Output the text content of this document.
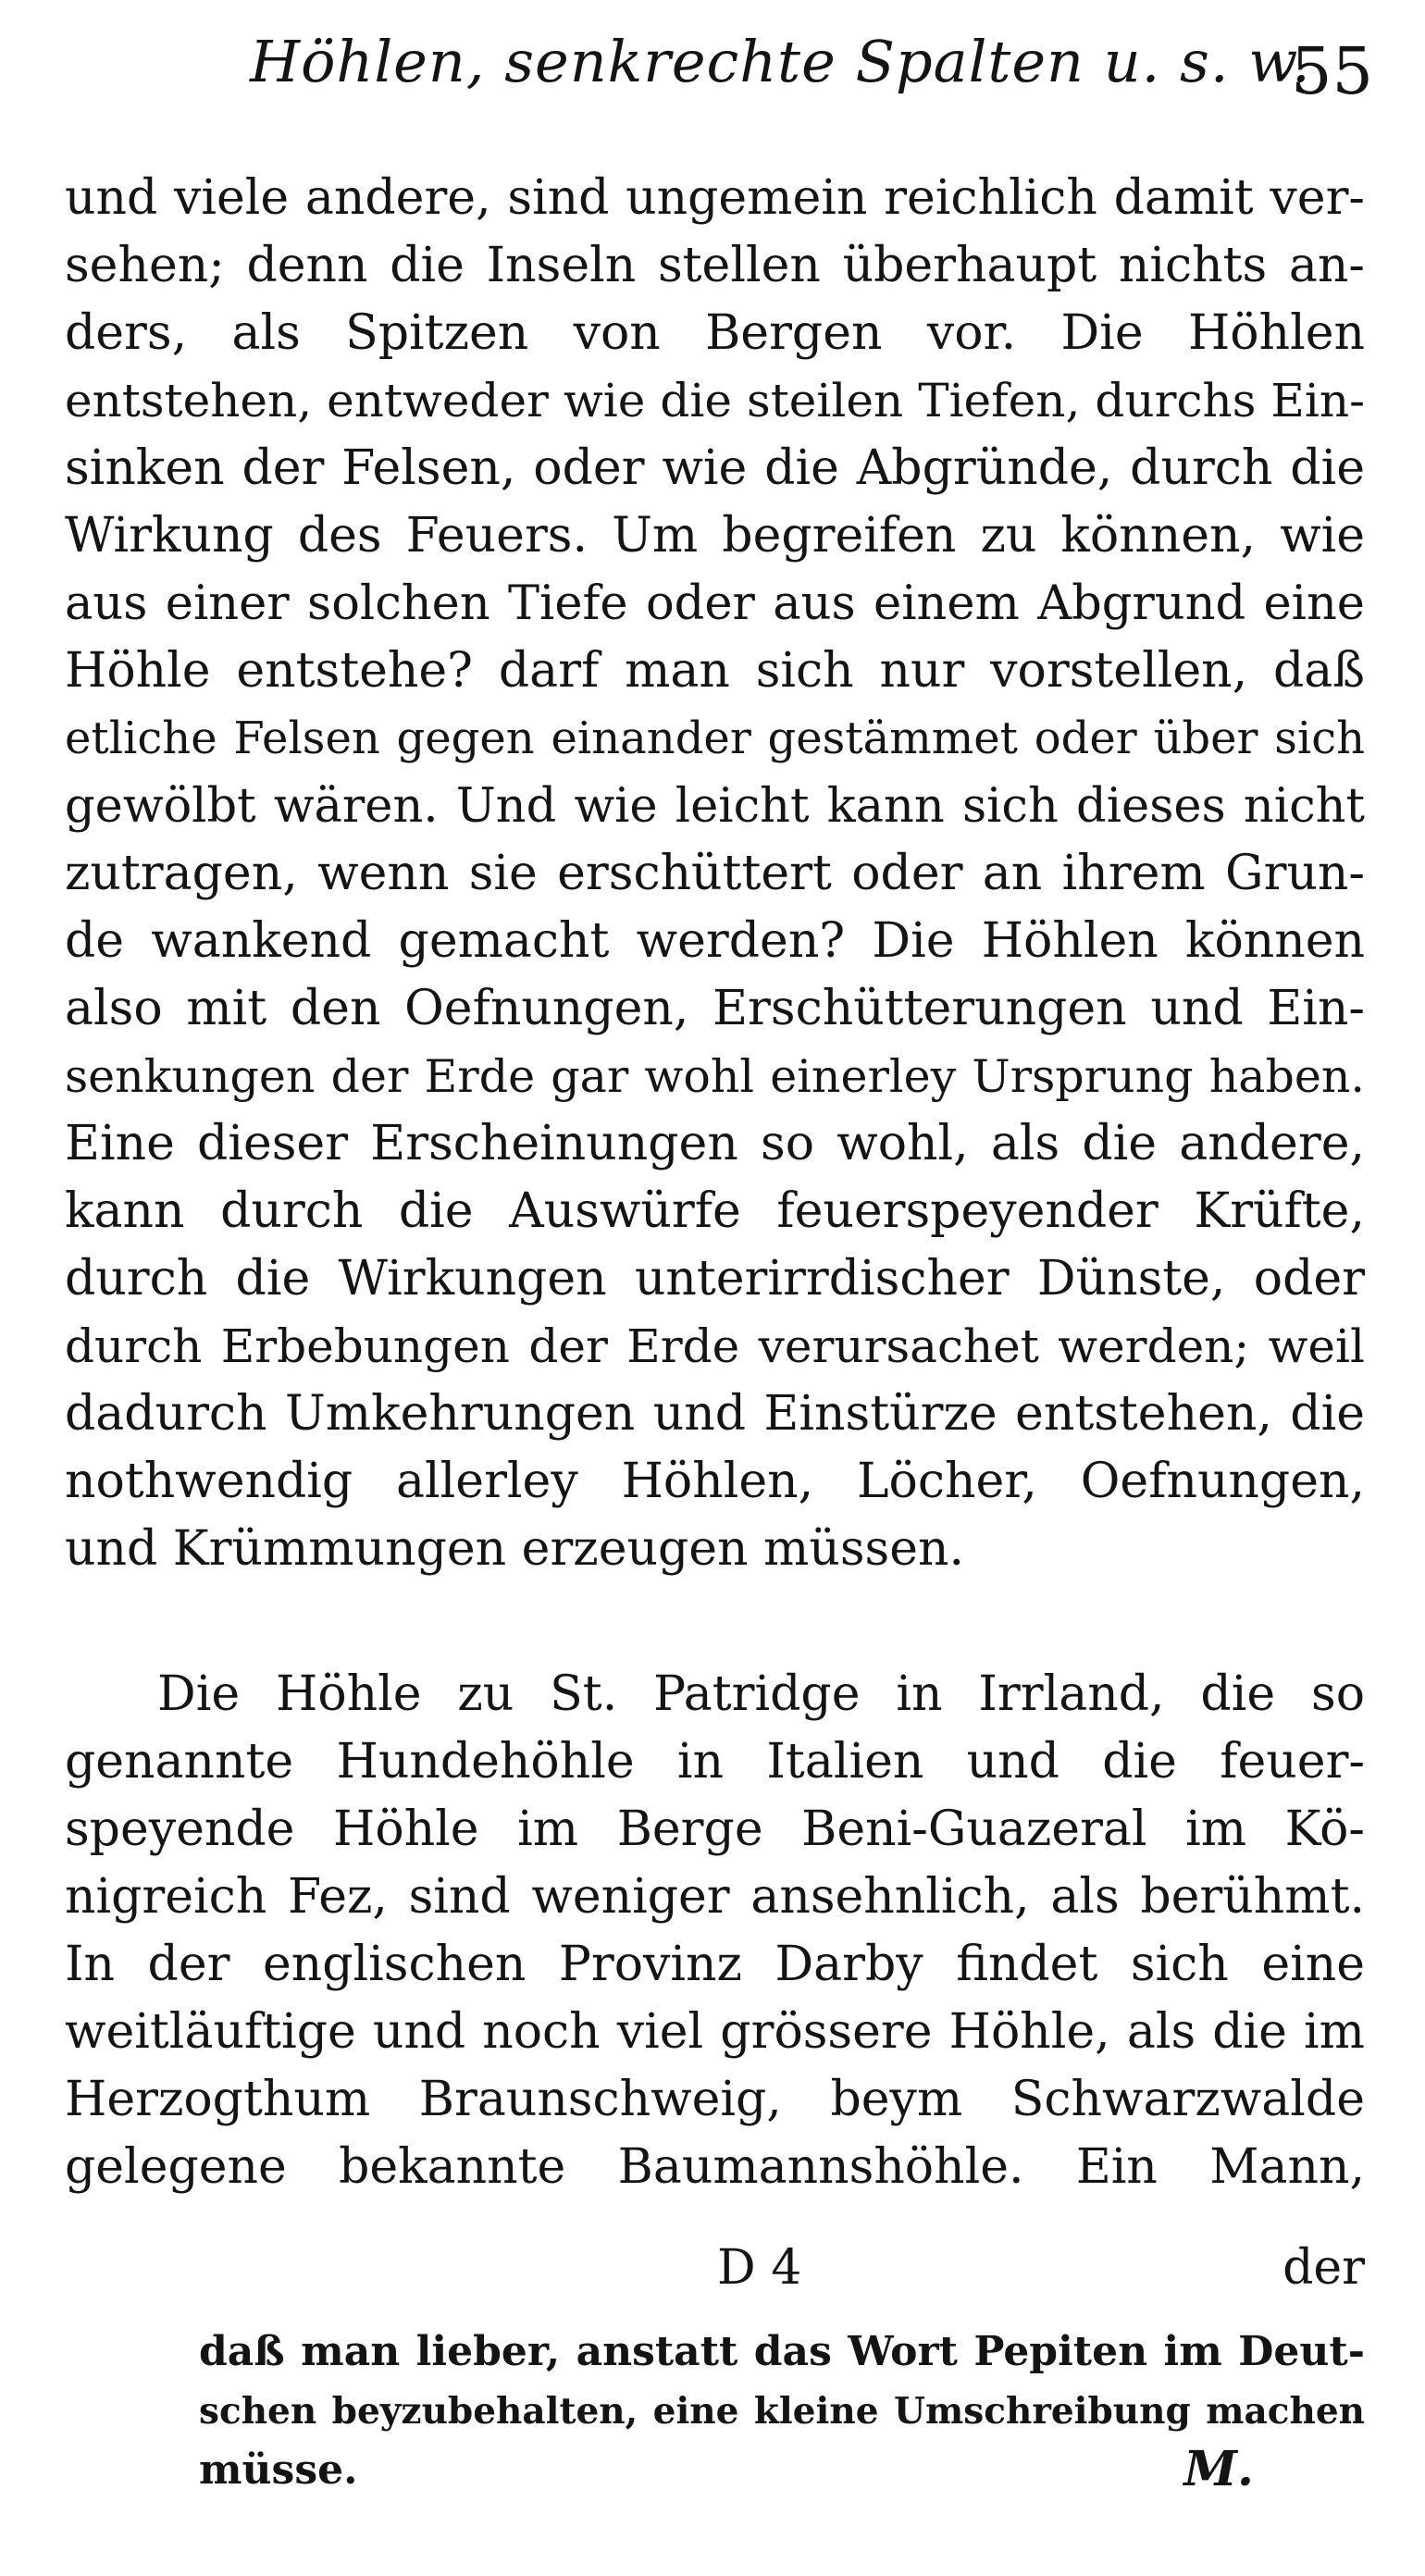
Höhlen, senkrechte Spalten u. s. w.
55
und viele andere, sind ungemein reichlich damit ver-
sehen; denn die Inseln stellen überhaupt nichts an-
ders, als Spitzen von Bergen vor. Die Höhlen
entstehen, entweder wie die steilen Tiefen, durchs Ein-
sinken der Felsen, oder wie die Abgründe, durch die
Wirkung des Feuers. Um begreifen zu können, wie
aus einer solchen Tiefe oder aus einem Abgrund eine
Höhle entstehe? darf man sich nur vorstellen, daß
etliche Felsen gegen einander gestämmet oder über sich
gewölbt wären. Und wie leicht kann sich dieses nicht
zutragen, wenn sie erschüttert oder an ihrem Grun-
de wankend gemacht werden? Die Höhlen können
also mit den Oefnungen, Erschütterungen und Ein-
senkungen der Erde gar wohl einerley Ursprung haben.
Eine dieser Erscheinungen so wohl, als die andere,
kann durch die Auswürfe feuerspeyender Krüfte,
durch die Wirkungen unterirrdischer Dünste, oder
durch Erbebungen der Erde verursachet werden; weil
dadurch Umkehrungen und Einstürze entstehen, die
nothwendig allerley Höhlen, Löcher, Oefnungen,
und Krümmungen erzeugen müssen.
Die Höhle zu St. Patridge in Irrland, die so
genannte Hundehöhle in Italien und die feuer-
speyende Höhle im Berge Beni-Guazeral im Kö-
nigreich Fez, sind weniger ansehnlich, als berühmt.
In der englischen Provinz Darby findet sich eine
weitläuftige und noch viel grössere Höhle, als die im
Herzogthum Braunschweig, beym Schwarzwalde
gelegene bekannte Baumannshöhle. Ein Mann,
D 4	der
daß man lieber, anstatt das Wort Pepiten im Deut-
schen beyzubehalten, eine kleine Umschreibung machen
müsse.	M.
